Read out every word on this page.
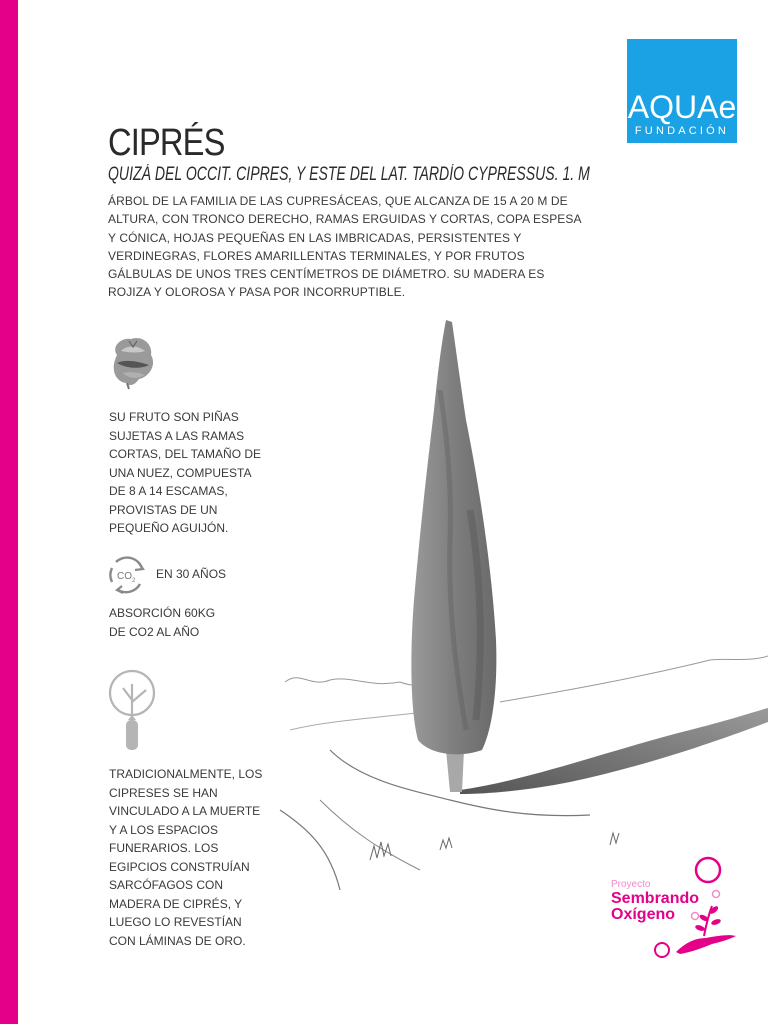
AQUAe
FUNDACIÓN
CIPRÉS
QUIZÁ DEL OCCIT. CIPRES, Y ESTE DEL LAT. TARDÍO CYPRESSUS. 1. M

ÁRBOL DE LA FAMILIA DE LAS CUPRESÁCEAS, QUE ALCANZA DE 15 A 20 M DE

ALTURA, CON TRONCO DERECHO, RAMAS ERGUIDAS Y CORTAS, COPA ESPESA

Y CÓNICA, HOJAS PEQUEÑAS EN LAS IMBRICADAS, PERSISTENTES Y

VERDINEGRAS, FLORES AMARILLENTAS TERMINALES, Y POR FRUTOS

GÁLBULAS DE UNOS TRES CENTÍMETROS DE DIÁMETRO. SU MADERA ES

ROJIZA Y OLOROSA Y PASA POR INCORRUPTIBLE.

SU FRUTO SON PIÑAS

SUJETAS A LAS RAMAS

CORTAS, DEL TAMAÑO DE

UNA NUEZ, COMPUESTA

DE 8 A 14 ESCAMAS,

PROVISTAS DE UN

PEQUEÑO AGUIJÓN.

CO 2 EN 30 AÑOS

ABSORCIÓN 60KG

DE CO2 AL AÑO

TRADICIONALMENTE, LOS

CIPRESES SE HAN

VINCULADO A LA MUERTE

Y A LOS ESPACIOS

FUNERARIOS. LOS

EGIPCIOS CONSTRUÍAN

SARCÓFAGOS CON

MADERA DE CIPRÉS, Y

LUEGO LO REVESTÍAN

CON LÁMINAS DE ORO.

Proyecto
Sembrando
Oxígeno
